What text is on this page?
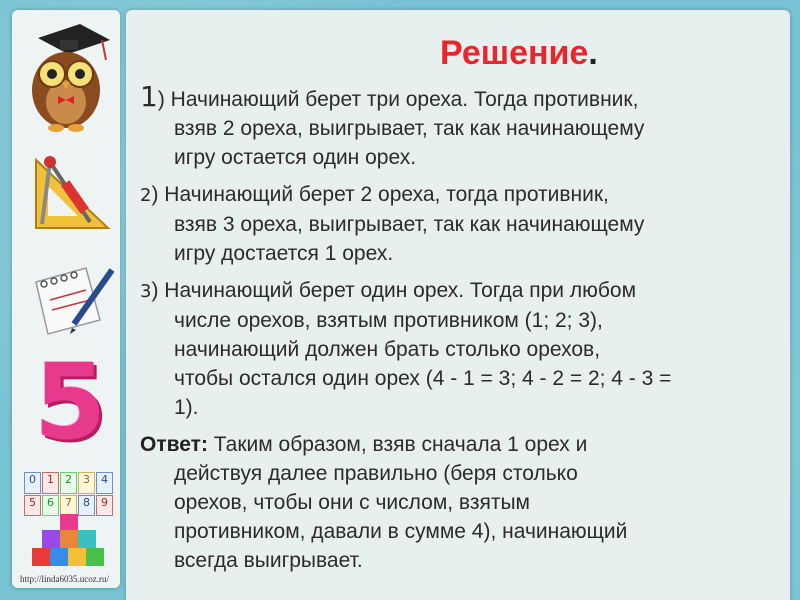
5
0	1	2	3	4
5	6	7	8	9
http://linda6035.ucoz.ru/
Решение.
1) Начинающий берет три ореха. Тогда противник,
взяв 2 ореха, выигрывает, так как начинающему
игру остается один орех.
2) Начинающий берет 2 ореха, тогда противник,
взяв 3 ореха, выигрывает, так как начинающему
игру достается 1 орех.
3) Начинающий берет один орех. Тогда при любом
числе орехов, взятым противником (1; 2; 3),
начинающий должен брать столько орехов,
чтобы остался один орех (4 - 1 = 3; 4 - 2 = 2; 4 - 3 =
1).
Ответ: Таким образом, взяв сначала 1 орех и
действуя далее правильно (беря столько
орехов, чтобы они с числом, взятым
противником, давали в сумме 4), начинающий
всегда выигрывает.
